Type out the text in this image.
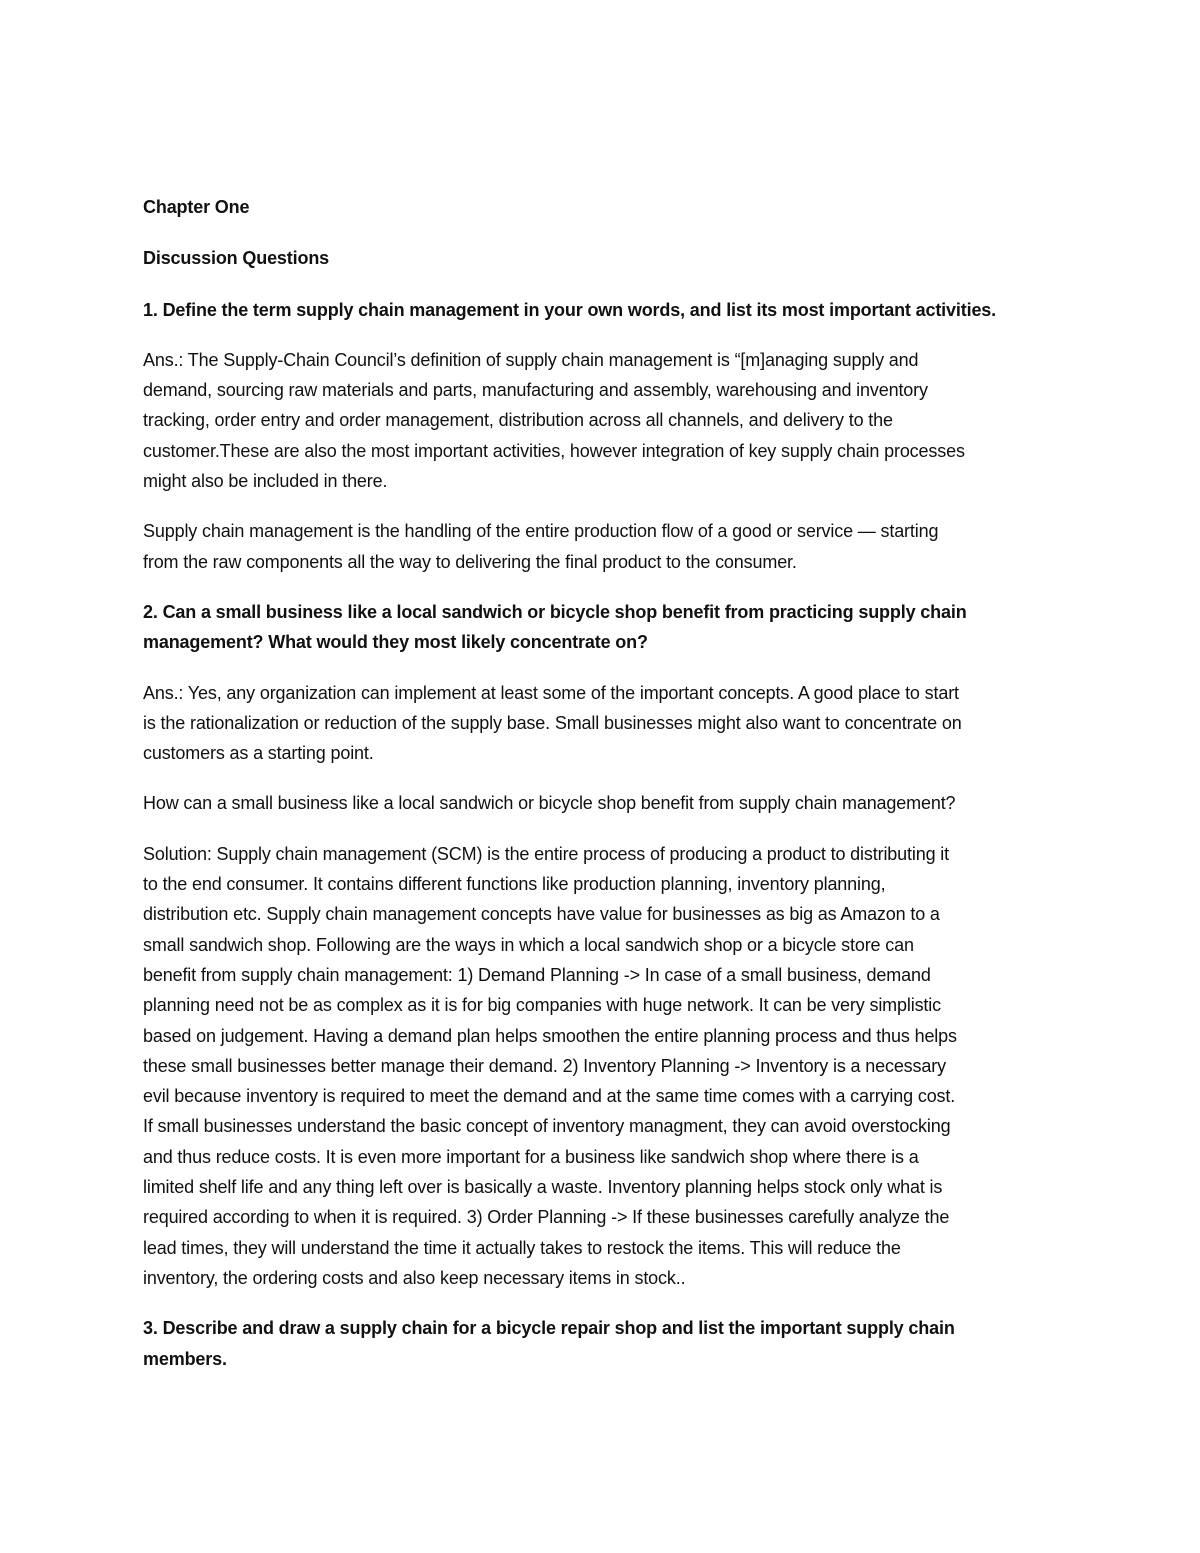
Chapter One

Discussion Questions

1. Define the term supply chain management in your own words, and list its most important activities.

Ans.: The Supply-Chain Council’s definition of supply chain management is “[m]anaging supply and
demand, sourcing raw materials and parts, manufacturing and assembly, warehousing and inventory
tracking, order entry and order management, distribution across all channels, and delivery to the
customer.These are also the most important activities, however integration of key supply chain processes
might also be included in there.

Supply chain management is the handling of the entire production flow of a good or service — starting
from the raw components all the way to delivering the final product to the consumer.

2. Can a small business like a local sandwich or bicycle shop benefit from practicing supply chain
management? What would they most likely concentrate on?

Ans.: Yes, any organization can implement at least some of the important concepts. A good place to start
is the rationalization or reduction of the supply base. Small businesses might also want to concentrate on
customers as a starting point.

How can a small business like a local sandwich or bicycle shop benefit from supply chain management?

Solution: Supply chain management (SCM) is the entire process of producing a product to distributing it
to the end consumer. It contains different functions like production planning, inventory planning,
distribution etc. Supply chain management concepts have value for businesses as big as Amazon to a
small sandwich shop. Following are the ways in which a local sandwich shop or a bicycle store can
benefit from supply chain management: 1) Demand Planning -> In case of a small business, demand
planning need not be as complex as it is for big companies with huge network. It can be very simplistic
based on judgement. Having a demand plan helps smoothen the entire planning process and thus helps
these small businesses better manage their demand. 2) Inventory Planning -> Inventory is a necessary
evil because inventory is required to meet the demand and at the same time comes with a carrying cost.
If small businesses understand the basic concept of inventory managment, they can avoid overstocking
and thus reduce costs. It is even more important for a business like sandwich shop where there is a
limited shelf life and any thing left over is basically a waste. Inventory planning helps stock only what is
required according to when it is required. 3) Order Planning -> If these businesses carefully analyze the
lead times, they will understand the time it actually takes to restock the items. This will reduce the
inventory, the ordering costs and also keep necessary items in stock..

3. Describe and draw a supply chain for a bicycle repair shop and list the important supply chain
members.
